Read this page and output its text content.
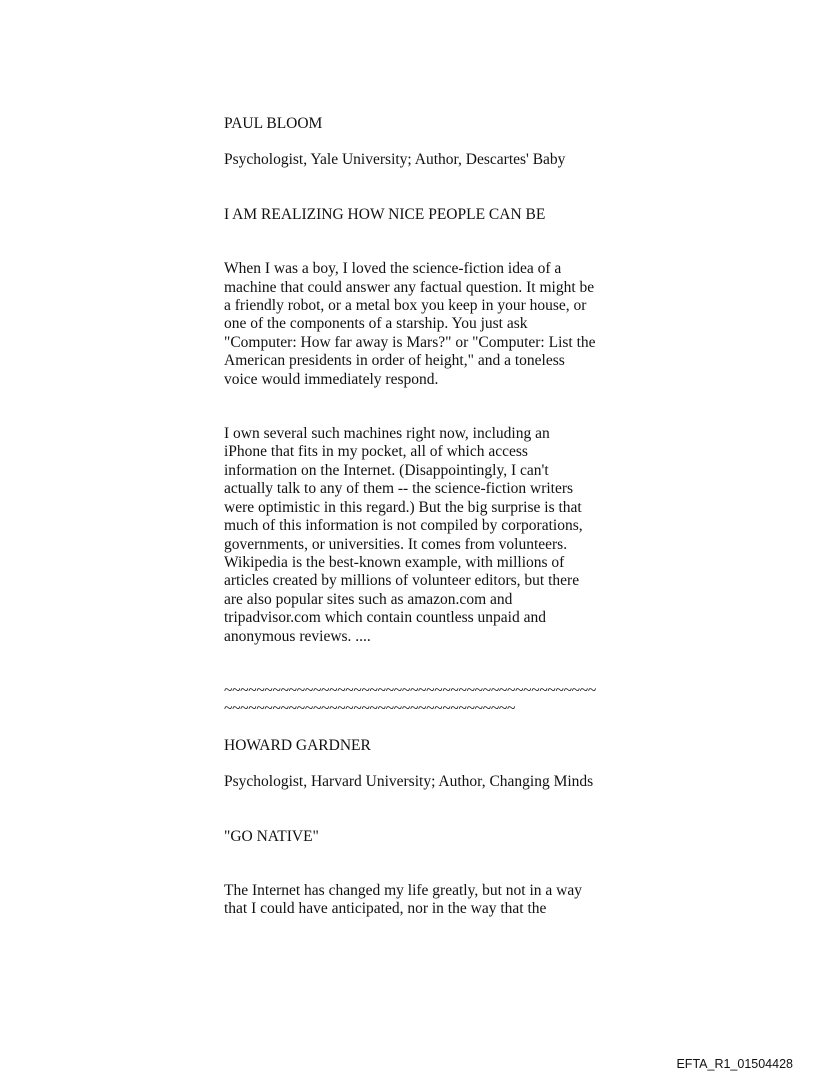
PAUL BLOOM

Psychologist, Yale University; Author, Descartes' Baby

I AM REALIZING HOW NICE PEOPLE CAN BE

When I was a boy, I loved the science-fiction idea of a machine that could answer any factual question. It might be a friendly robot, or a metal box you keep in your house, or one of the components of a starship. You just ask "Computer: How far away is Mars?" or "Computer: List the American presidents in order of height," and a toneless voice would immediately respond.

I own several such machines right now, including an iPhone that fits in my pocket, all of which access information on the Internet. (Disappointingly, I can't actually talk to any of them -- the science-fiction writers were optimistic in this regard.) But the big surprise is that much of this information is not compiled by corporations, governments, or universities. It comes from volunteers. Wikipedia is the best-known example, with millions of articles created by millions of volunteer editors, but there are also popular sites such as amazon.com and tripadvisor.com which contain countless unpaid and anonymous reviews. ....

~~~~~~~~~~~~~~~~~~~~~~~~~~~~~~~~~~~~~~~~~~~~~~~~~~~~~~~~~~~~~~~~~~~~~~~~~~~~~~~~~~

HOWARD GARDNER

Psychologist, Harvard University; Author, Changing Minds

"GO NATIVE"

The Internet has changed my life greatly, but not in a way that I could have anticipated, nor in the way that the

EFTA_R1_01504428
